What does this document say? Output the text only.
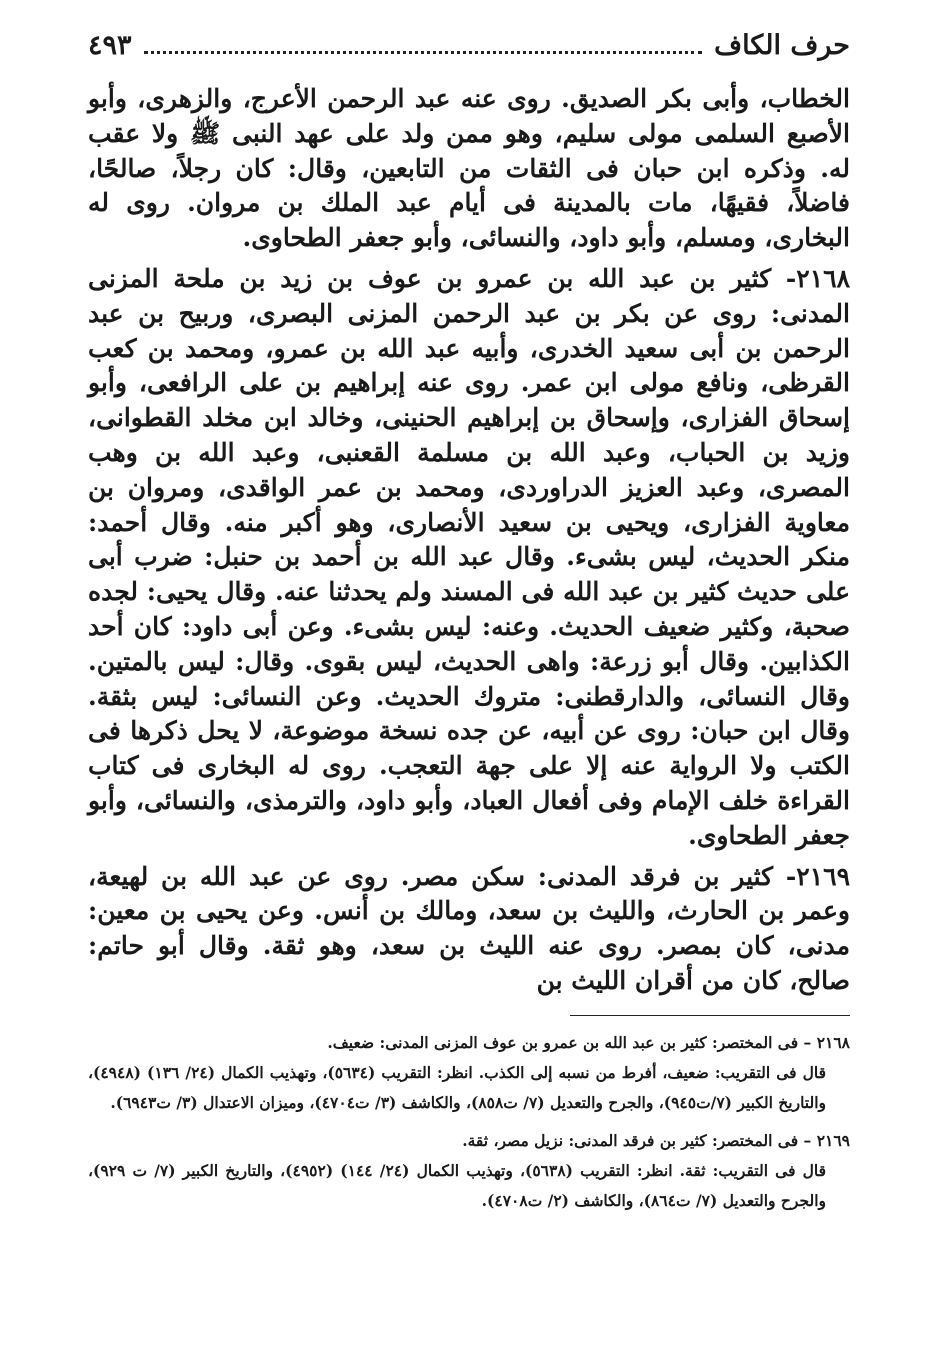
حرف الكاف
٤٩٣

الخطاب، وأبى بكر الصديق. روى عنه عبد الرحمن الأعرج، والزهرى، وأبو الأصبع السلمى مولى سليم، وهو ممن ولد على عهد النبى ﷺ ولا عقب له. وذكره ابن حبان فى الثقات من التابعين، وقال: كان رجلاً، صالحًا، فاضلاً، فقيهًا، مات بالمدينة فى أيام عبد الملك بن مروان. روى له البخارى، ومسلم، وأبو داود، والنسائى، وأبو جعفر الطحاوى.

٢١٦٨- كثير بن عبد الله بن عمرو بن عوف بن زيد بن ملحة المزنى المدنى: روى عن بكر بن عبد الرحمن المزنى البصرى، وربيح بن عبد الرحمن بن أبى سعيد الخدرى، وأبيه عبد الله بن عمرو، ومحمد بن كعب القرظى، ونافع مولى ابن عمر. روى عنه إبراهيم بن على الرافعى، وأبو إسحاق الفزارى، وإسحاق بن إبراهيم الحنينى، وخالد ابن مخلد القطوانى، وزيد بن الحباب، وعبد الله بن مسلمة القعنبى، وعبد الله بن وهب المصرى، وعبد العزيز الدراوردى، ومحمد بن عمر الواقدى، ومروان بن معاوية الفزارى، ويحيى بن سعيد الأنصارى، وهو أكبر منه. وقال أحمد: منكر الحديث، ليس بشىء. وقال عبد الله بن أحمد بن حنبل: ضرب أبى على حديث كثير بن عبد الله فى المسند ولم يحدثنا عنه. وقال يحيى: لجده صحبة، وكثير ضعيف الحديث. وعنه: ليس بشىء. وعن أبى داود: كان أحد الكذابين. وقال أبو زرعة: واهى الحديث، ليس بقوى. وقال: ليس بالمتين. وقال النسائى، والدارقطنى: متروك الحديث. وعن النسائى: ليس بثقة. وقال ابن حبان: روى عن أبيه، عن جده نسخة موضوعة، لا يحل ذكرها فى الكتب ولا الرواية عنه إلا على جهة التعجب. روى له البخارى فى كتاب القراءة خلف الإمام وفى أفعال العباد، وأبو داود، والترمذى، والنسائى، وأبو جعفر الطحاوى.

٢١٦٩- كثير بن فرقد المدنى: سكن مصر. روى عن عبد الله بن لهيعة، وعمر بن الحارث، والليث بن سعد، ومالك بن أنس. وعن يحيى بن معين: مدنى، كان بمصر. روى عنه الليث بن سعد، وهو ثقة. وقال أبو حاتم: صالح، كان من أقران الليث بن

٢١٦٨ – فى المختصر: كثير بن عبد الله بن عمرو بن عوف المزنى المدنى: ضعيف.

قال فى التقريب: ضعيف، أفرط من نسبه إلى الكذب. انظر: التقريب (٥٦٣٤)، وتهذيب الكمال (٢٤/ ١٣٦) (٤٩٤٨)، والتاريخ الكبير (٧/ت٩٤٥)، والجرح والتعديل (٧/ ت٨٥٨)، والكاشف (٣/ ت٤٧٠٤)، وميزان الاعتدال (٣/ ت٦٩٤٣).

٢١٦٩ – فى المختصر: كثير بن فرقد المدنى: نزيل مصر، ثقة.

قال فى التقريب: ثقة. انظر: التقريب (٥٦٣٨)، وتهذيب الكمال (٢٤/ ١٤٤) (٤٩٥٢)، والتاريخ الكبير (٧/ ت ٩٢٩)، والجرح والتعديل (٧/ ت٨٦٤)، والكاشف (٢/ ت٤٧٠٨).
